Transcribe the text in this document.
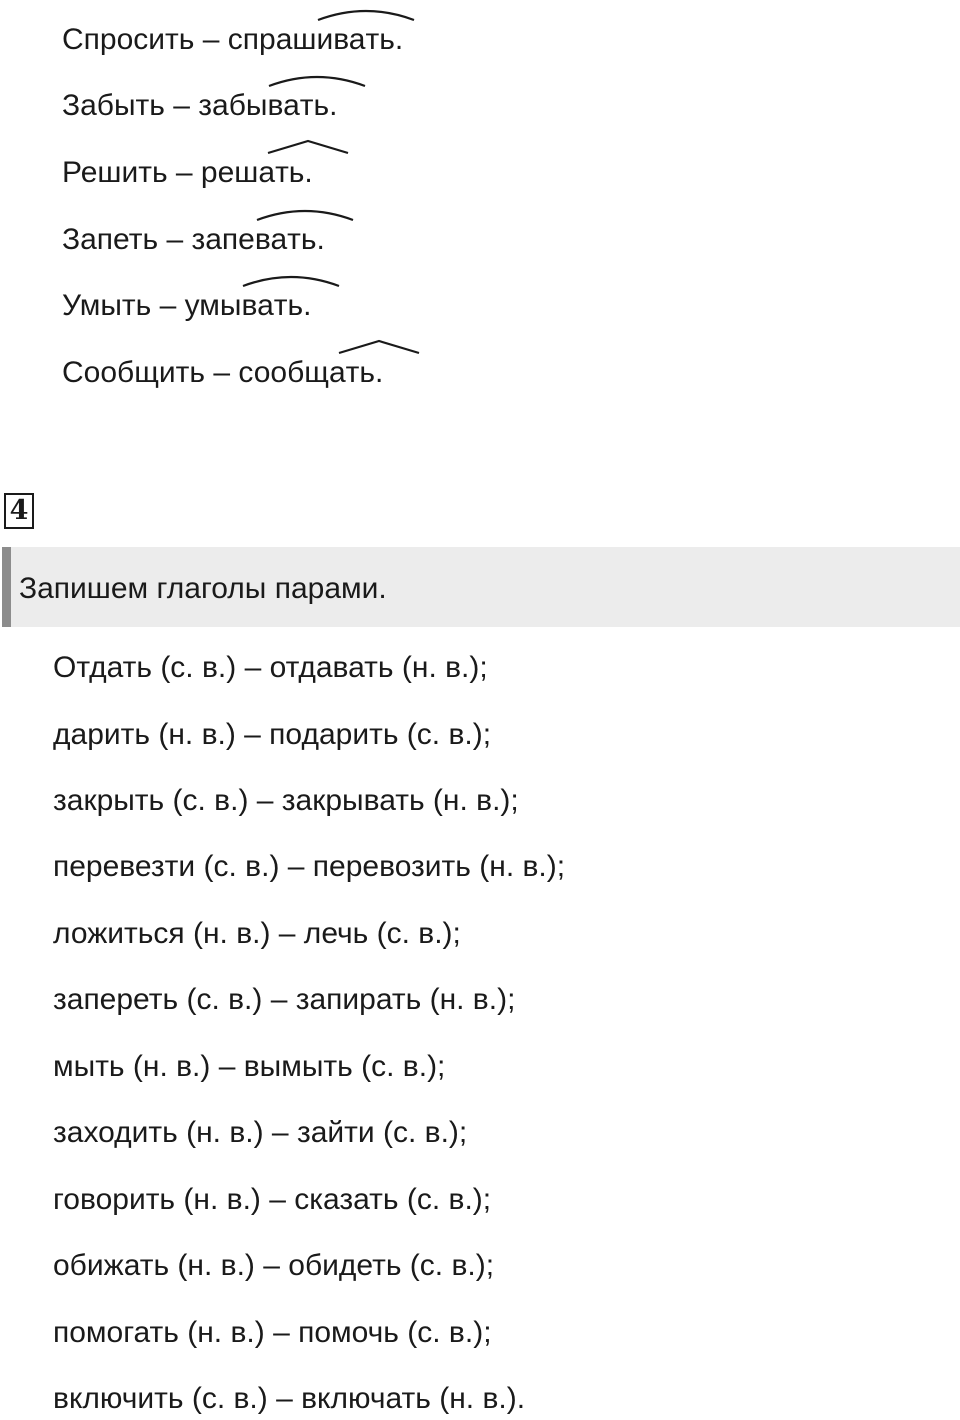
Спросить – спраш
ивать.
Забыть – забы
вать.
Решить – реш
ать.
Запеть – запе
вать.
Умыть – умы
вать.
Сообщить – сообщ
ать.
4
Запишем глаголы парами.
Отдать (с. в.) – отдавать (н. в.);
дарить (н. в.) – подарить (с. в.);
закрыть (с. в.) – закрывать (н. в.);
перевезти (с. в.) – перевозить (н. в.);
ложиться (н. в.) – лечь (с. в.);
запереть (с. в.) – запирать (н. в.);
мыть (н. в.) – вымыть (с. в.);
заходить (н. в.) – зайти (с. в.);
говорить (н. в.) – сказать (с. в.);
обижать (н. в.) – обидеть (с. в.);
помогать (н. в.) – помочь (с. в.);
включить (с. в.) – включать (н. в.).
